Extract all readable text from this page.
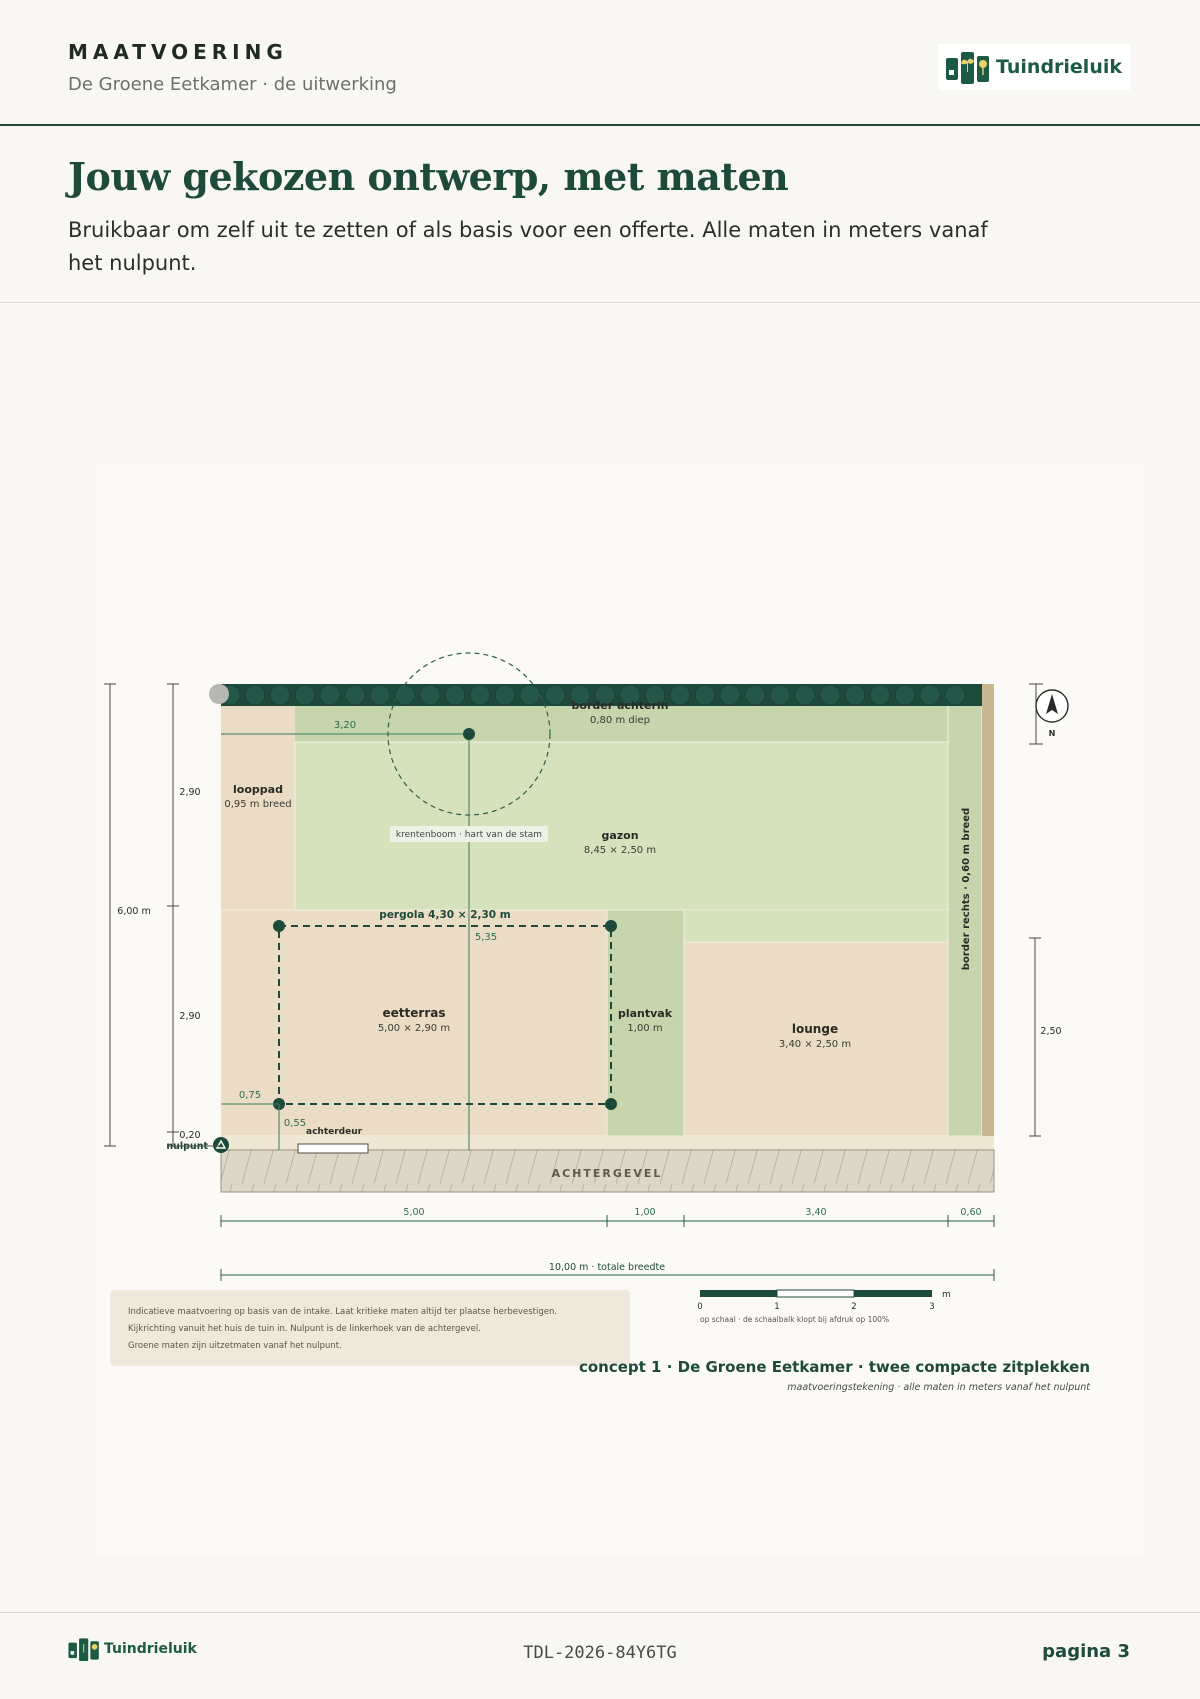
MAATVOERING
De Groene Eetkamer · de uitwerking
Tuindrieluik
Jouw gekozen ontwerp, met maten
Bruikbaar om zelf uit te zetten of als basis voor een offerte. Alle maten in meters vanaf het nulpunt.
ACHTERGEVEL
achterdeur
krentenboom · hart van de stam
3,20
5,35
pergola 4,30 × 2,30 m
0,75
0,55
looppad
0,95 m breed
border achterin
0,80 m diep
gazon
8,45 × 2,50 m
eetterras
5,00 × 2,90 m
plantvak
1,00 m	lounge
3,40 × 2,50 m
border rechts · 0,60 m breed
nulpunt
6,00 m
2,90
2,90
0,20
2,50
N
5,00	1,00	3,40	0,60
10,00 m · totale breedte
Indicatieve maatvoering op basis van de intake. Laat kritieke maten altijd ter plaatse herbevestigen.
Kijkrichting vanuit het huis de tuin in. Nulpunt is de linkerhoek van de achtergevel.
Groene maten zijn uitzetmaten vanaf het nulpunt.
0	1	2	3
m
op schaal · de schaalbalk klopt bij afdruk op 100%
concept 1 · De Groene Eetkamer · twee compacte zitplekken
maatvoeringstekening · alle maten in meters vanaf het nulpunt
Tuindrieluik	TDL-2026-84Y6TG	pagina 3
